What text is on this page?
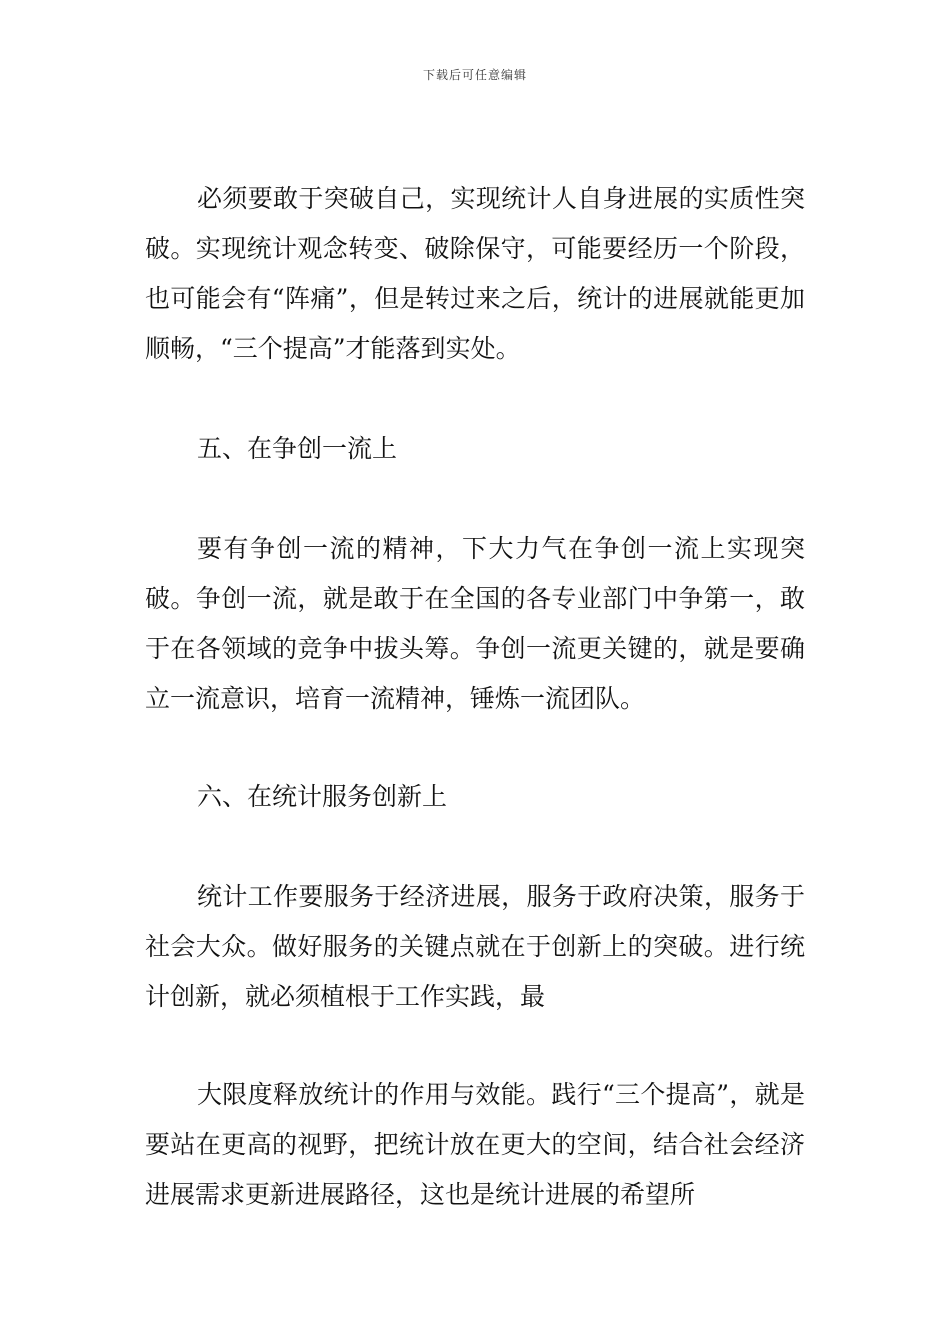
下载后可任意编辑

必须要敢于突破自己，实现统计人自身进展的实质性突破。实现统计观念转变、破除保守，可能要经历一个阶段，也可能会有“阵痛”，但是转过来之后，统计的进展就能更加顺畅，“三个提高”才能落到实处。

五、在争创一流上

要有争创一流的精神，下大力气在争创一流上实现突破。争创一流，就是敢于在全国的各专业部门中争第一，敢于在各领域的竞争中拔头筹。争创一流更关键的，就是要确立一流意识，培育一流精神，锤炼一流团队。

六、在统计服务创新上

统计工作要服务于经济进展，服务于政府决策，服务于社会大众。做好服务的关键点就在于创新上的突破。进行统计创新，就必须植根于工作实践，最

大限度释放统计的作用与效能。践行“三个提高”，就是要站在更高的视野，把统计放在更大的空间，结合社会经济进展需求更新进展路径，这也是统计进展的希望所
